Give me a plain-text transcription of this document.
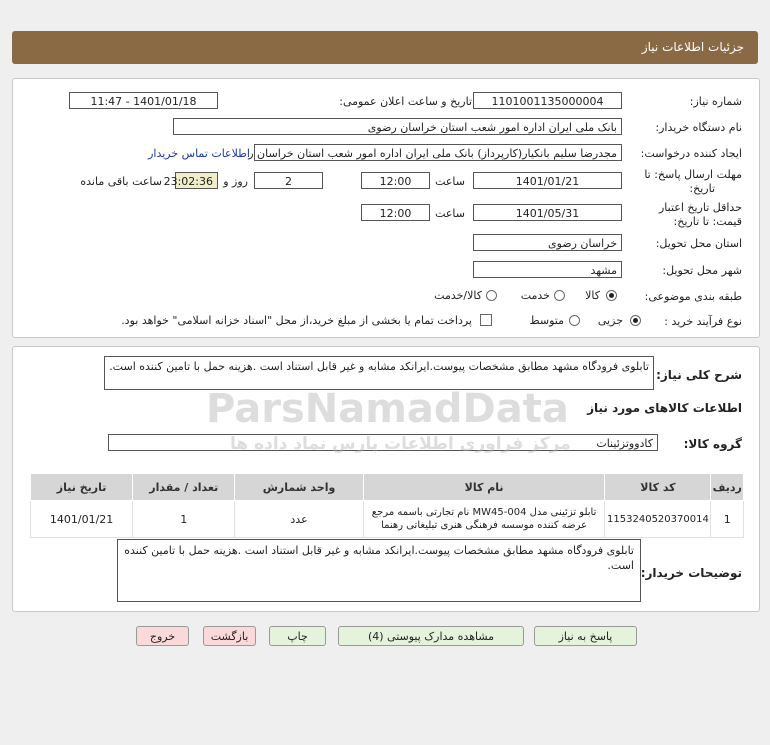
جزئیات اطلاعات نیاز
شماره نیاز:
1101001135000004
تاریخ و ساعت اعلان عمومی:
1401/01/18 - 11:47
نام دستگاه خریدار:
بانک ملی ایران اداره امور شعب استان خراسان رضوی
ایجاد کننده درخواست:
مجدرضا سلیم بانکیار(کارپرداز) بانک ملی ایران اداره امور شعب استان خراسان ر
اطلاعات تماس خریدار
مهلت ارسال پاسخ: تا
تاریخ:
1401/01/21
ساعت
12:00
2
روز و
23:02:36
ساعت باقی مانده
حداقل تاریخ اعتبار
قیمت: تا تاریخ:
1401/05/31
ساعت
12:00
استان محل تحویل:
خراسان رضوی
شهر محل تحویل:
مشهد
طبقه بندی موضوعی:
کالا
خدمت
کالا/خدمت
نوع فرآیند خرید :
جزیی
متوسط
پرداخت تمام یا بخشی از مبلغ خرید،از محل "اسناد خزانه اسلامی" خواهد بود.
شرح کلی نیاز:
تابلوی فرودگاه مشهد مطابق مشخصات پیوست.ایرانکد مشابه و غیر قابل استناد است .هزینه حمل با تامین کننده است.
اطلاعات کالاهای مورد نیاز
گروه کالا:
کادووتزئینات
ردیف	کد کالا	نام کالا	واحد شمارش	تعداد / مقدار	تاریخ نیاز
1	1153240520370014	تابلو تزئینی مدل MW45-004 نام تجارتی باسمه مرجع عرضه کننده موسسه فرهنگی هنری تبلیغاتی رهنما	عدد	1	1401/01/21
توضیحات خریدار:
تابلوی فرودگاه مشهد مطابق مشخصات پیوست.ایرانکد مشابه و غیر قابل استناد است .هزینه حمل با تامین کننده است.
ParsNamadData
مرکز فراوری اطلاعات پارس نماد داده ها
پاسخ به نیاز
مشاهده مدارک پیوستی (4)
چاپ
بازگشت
خروج
